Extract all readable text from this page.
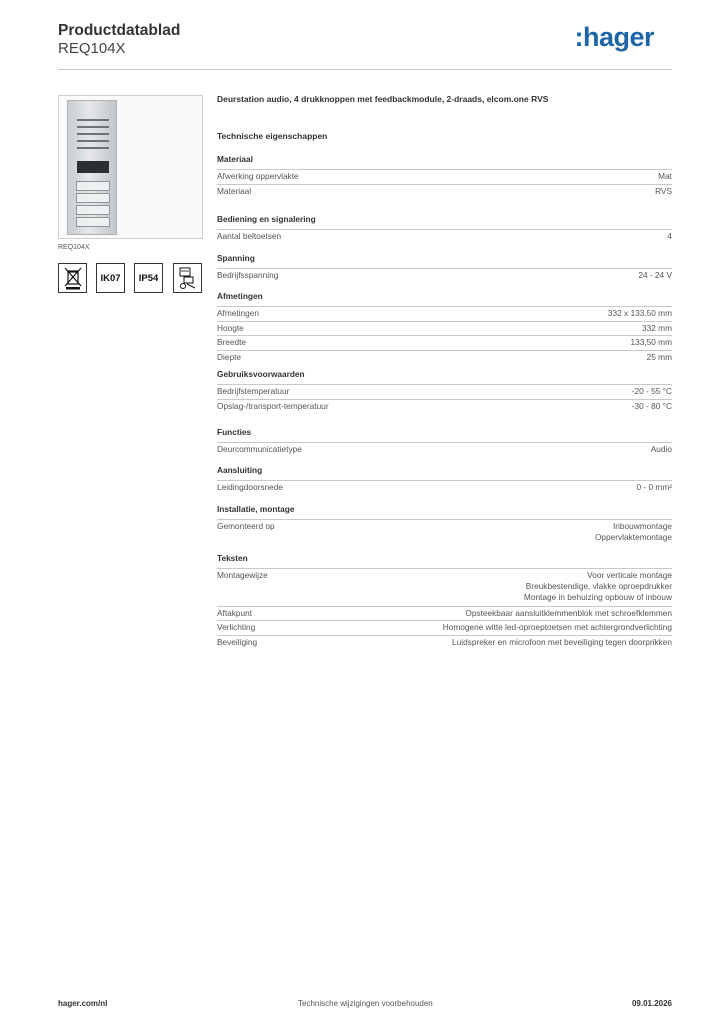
Productdatablad
REQ104X	:hager
REQ104X
IK07	IP54
Deurstation audio, 4 drukknoppen met feedbackmodule, 2-draads, elcom.one RVS
Technische eigenschappen
Materiaal
Afwerking oppervlakte	Mat
Materiaal	RVS
Bediening en signalering
Aantal beltoetsen	4
Spanning
Bedrijfsspanning	24 - 24 V
Afmetingen
Afmetingen	332 x 133.50 mm
Hoogte	332 mm
Breedte	133,50 mm
Diepte	25 mm
Gebruiksvoorwaarden
Bedrijfstemperatuur	-20 - 55 °C
Opslag-/transport-temperatuur	-30 - 80 °C
Functies
Deurcommunicatietype	Audio
Aansluiting
Leidingdoorsnede	0 - 0 mm²
Installatie, montage
Gemonteerd op	Inbouwmontage
Oppervlaktemontage
Teksten
Montagewijze	Voor verticale montage
Breukbestendige, vlakke oproepdrukker
Montage in behuizing opbouw of inbouw
Aftakpunt	Opsteekbaar aansluitklemmenblok met schroefklemmen
Verlichting	Homogene witte led-oproeptoetsen met achtergrondverlichting
Beveiliging	Luidspreker en microfoon met beveiliging tegen doorprikken
hager.com/nl	Technische wijzigingen voorbehouden	09.01.2026
